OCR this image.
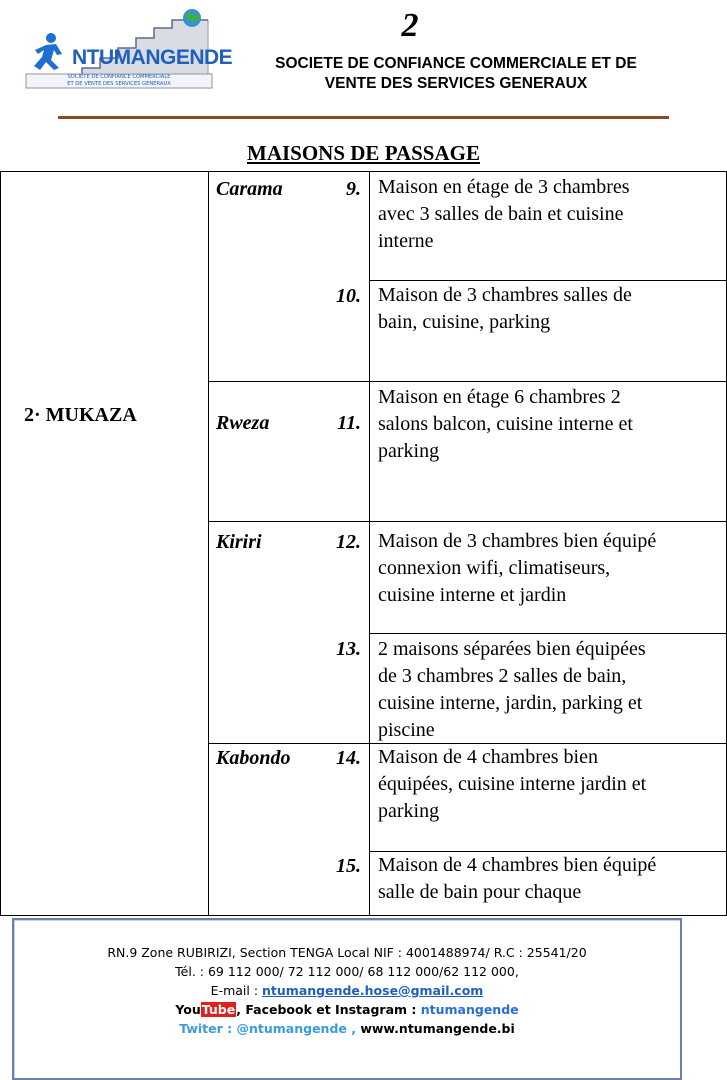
NTUMANGENDE
SOCIETE DE CONFIANCE COMMERCIALE
ET DE VENTE DES SERVICES GENERAUX
2
SOCIETE DE CONFIANCE COMMERCIALE ET DE
VENTE DES SERVICES GENERAUX
MAISONS DE PASSAGE
2· MUKAZA
Carama
Rweza
Kiriri
Kabondo
9.
10.
11.
12.
13.
14.
15.
Maison en étage de 3 chambres
avec 3 salles de bain et cuisine
interne
Maison de 3 chambres salles de
bain, cuisine, parking
Maison en étage 6 chambres 2
salons balcon, cuisine interne et
parking
Maison de 3 chambres bien équipé
connexion wifi, climatiseurs,
cuisine interne et jardin
2 maisons séparées bien équipées
de 3 chambres 2 salles de bain,
cuisine interne, jardin, parking et
piscine
Maison de 4 chambres bien
équipées, cuisine interne jardin et
parking
Maison de 4 chambres bien équipé
salle de bain pour chaque
RN.9 Zone RUBIRIZI, Section TENGA Local NIF : 4001488974/ R.C : 25541/20
Tél. : 69 112 000/ 72 112 000/ 68 112 000/62 112 000,
E-mail : ntumangende.hose@gmail.com
YouTube, Facebook et Instagram : ntumangende
Twiter : @ntumangende , www.ntumangende.bi
